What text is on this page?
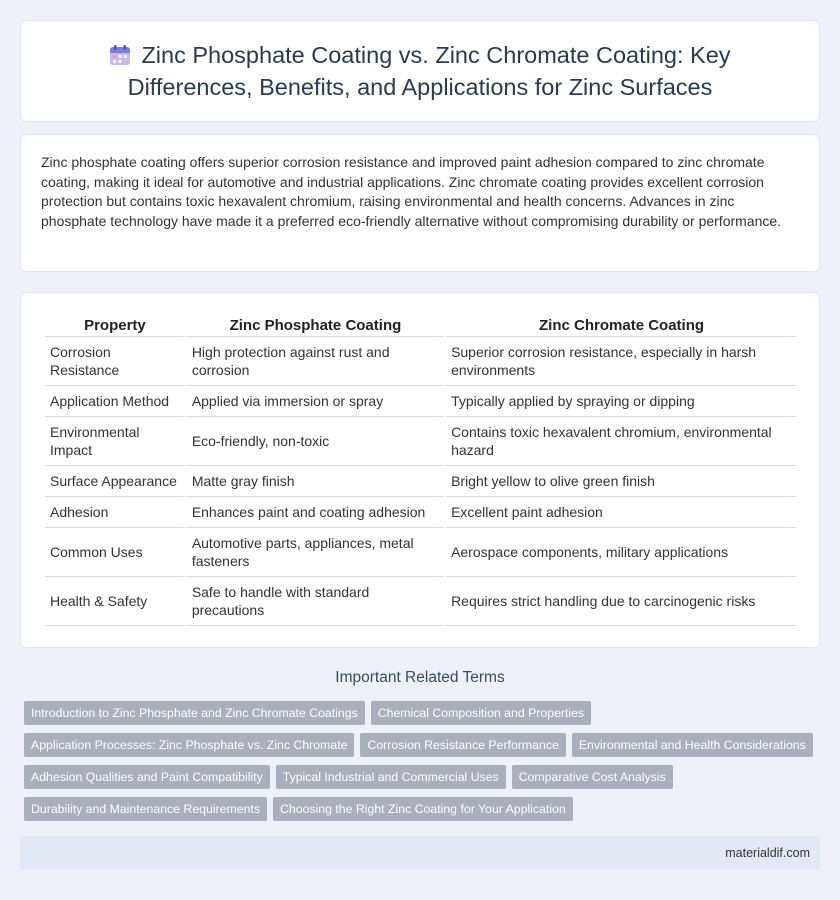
Zinc Phosphate Coating vs. Zinc Chromate Coating: Key Differences, Benefits, and Applications for Zinc Surfaces

Zinc phosphate coating offers superior corrosion resistance and improved paint adhesion compared to zinc chromate coating, making it ideal for automotive and industrial applications. Zinc chromate coating provides excellent corrosion protection but contains toxic hexavalent chromium, raising environmental and health concerns. Advances in zinc phosphate technology have made it a preferred eco-friendly alternative without compromising durability or performance.

Property	Zinc Phosphate Coating	Zinc Chromate Coating
Corrosion Resistance	High protection against rust and corrosion	Superior corrosion resistance, especially in harsh environments
Application Method	Applied via immersion or spray	Typically applied by spraying or dipping
Environmental Impact	Eco-friendly, non-toxic	Contains toxic hexavalent chromium, environmental hazard
Surface Appearance	Matte gray finish	Bright yellow to olive green finish
Adhesion	Enhances paint and coating adhesion	Excellent paint adhesion
Common Uses	Automotive parts, appliances, metal fasteners	Aerospace components, military applications
Health & Safety	Safe to handle with standard precautions	Requires strict handling due to carcinogenic risks
Important Related Terms
Introduction to Zinc Phosphate and Zinc Chromate Coatings	Chemical Composition and Properties
Application Processes: Zinc Phosphate vs. Zinc Chromate	Corrosion Resistance Performance	Environmental and Health Considerations
Adhesion Qualities and Paint Compatibility	Typical Industrial and Commercial Uses	Comparative Cost Analysis
Durability and Maintenance Requirements	Choosing the Right Zinc Coating for Your Application
materialdif.com
